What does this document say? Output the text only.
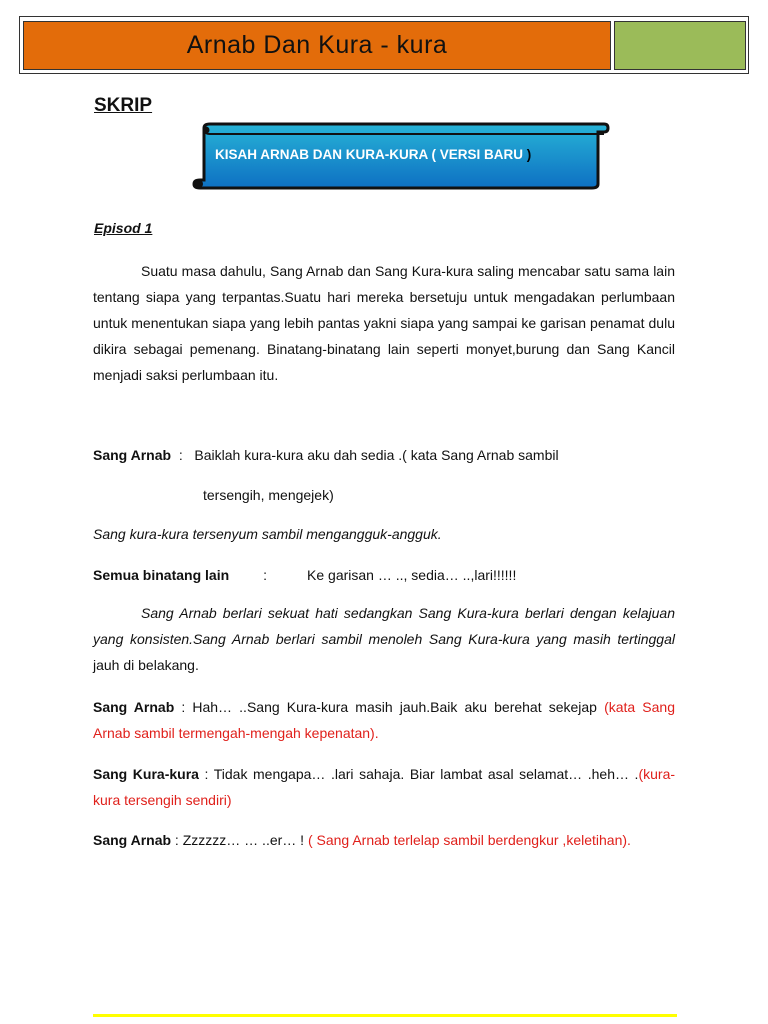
Arnab Dan Kura - kura
SKRIP
KISAH ARNAB DAN KURA-KURA ( VERSI BARU )
Episod 1
Suatu masa dahulu, Sang Arnab dan Sang Kura-kura saling mencabar satu sama lain tentang siapa yang terpantas.Suatu hari mereka bersetuju untuk mengadakan perlumbaan untuk menentukan siapa yang lebih pantas yakni siapa yang sampai ke garisan penamat dulu dikira sebagai pemenang. Binatang-binatang lain seperti monyet,burung dan Sang Kancil menjadi saksi perlumbaan itu.
Sang Arnab : Baiklah kura-kura aku dah sedia .( kata Sang Arnab sambil
tersengih, mengejek)
Sang kura-kura tersenyum sambil mengangguk-angguk.
Semua binatang lain :	Ke garisan … .., sedia… ..,lari!!!!!!
Sang Arnab berlari sekuat hati sedangkan Sang Kura-kura berlari dengan kelajuan yang konsisten.Sang Arnab berlari sambil menoleh Sang Kura-kura yang masih tertinggal jauh di belakang.
Sang Arnab : Hah… ..Sang Kura-kura masih jauh.Baik aku berehat sekejap (kata Sang Arnab sambil termengah-mengah kepenatan).
Sang Kura-kura : Tidak mengapa… .lari sahaja. Biar lambat asal selamat… .heh… .(kura-kura tersengih sendiri)
Sang Arnab : Zzzzzz… … ..er… ! ( Sang Arnab terlelap sambil berdengkur ,keletihan).
